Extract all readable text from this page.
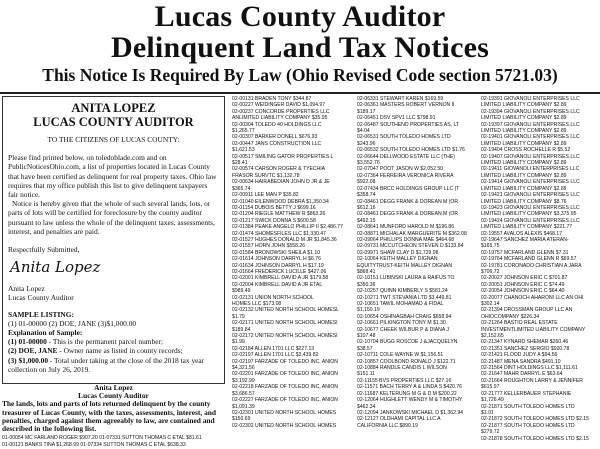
Lucas County Auditor
Delinquent Land Tax Notices
This Notice Is Required By Law (Ohio Revised Code section 5721.03)
ANITA LOPEZ
LUCAS COUNTY AUDITOR
TO THE CITIZENS OF LUCAS COUNTY:
Please find printed below, on toledoblade.com and on PublicNoticesOhio.com, a list of properties located in Lucas County that have been certified as delinquent for real property taxes. Ohio law requires that my office publish this list to give delinquent taxpayers fair notice.
Notice is hereby given that the whole of such several lands, lots, or parts of lots will be certified for foreclosure by the county auditor pursuant to law unless the whole of the delinquent taxes, assessments, interest, and penalties are paid.
Respectfully Submitted,
Anita Lopez
Anita Lopez
Lucas County Auditor
SAMPLE LISTING:
(1) 01-00000 (2) DOE, JANE (3)$1,000.00
Explanation of Sample:
(1) 01-00000 - This is the permanent parcel number;
(2) DOE, JANE - Owner name as listed in county records;
(3) $1,000.00 - Total under taking at the close of the 2018 tax year collection on July 26, 2019.
Anita Lopez
Lucas County Auditor
The lands, lots and parts of lots returned delinquent by the county treasurer of Lucas County, with the taxes, assessments, interest, and penalties, charged against them agreeably to law, are contained and described in the following list.
01-00054 MC FARLAND ROGER $907.20 01-07331 SUTTON THOMAS C ETAL $81.61
01-00121 BANKS TINA $1,268.99 01-07334 SUTTON THOMAS C ETAL $638.33
02-00131 BRADEN TONY $344.87
02-00227 WEIDINGER DAVID $1,094.97
02-00237 CONCORDE PROPERTIES LLC
ANLIMITED LIABILITY COMPANY $35.95
02-00304 TOLEDO 40 HOLDINGS LLC
$1,265.77
02-00307 BARKER DONELL $676.93
02-00447 JANS CONSTRUCTION LLC
$1,621.53
02-00517 SMILING GATOR PROPERTIES L
$28.41
02-00574 CARSON ROGER & TYECHIA
FRASOR SURVTC $1,132.78
02-00634 HAIRABEDIAN JOHN D JR & JE
$365.74
02-00911 LEE MAN P $35.82
02-01040 EILENWOOD DEBRA $1,350.34
02-01154 DUBOIS BETTY J $699.16
02-01204 RIEGLE MATTHEW R $863.26
02-01217 SWICK DONNA S $600.58
02-01384 PEAKE ANGELO PHILLIP II $2,486.77
02-01474 SHOMESFILES LLC $1,330.47
02-01527 HUGHES DONALD M JR $1,845.36
02-01557 HORN JOHN $558.26
02-01584 BRONOWSKI SHEILA $1.10
02-01614 JOHNSON DARRYL H $6.76
02-01634 JOHNSON DARRYL H $17.19
02-01664 FREDERICK LUCILLE $427.06
02-02001 KIMBRELL DAVID A JR $179.58
02-02004 KIMBRELL DAVID A JR ETAL
$989.49
02-02131 UNION NORTH SCHOOL
HOMES LLC $173.08
02-02132 UNITED NORTH SCHOOL HOMESL
$1.79
02-02171 UNITED NORTH SCHOOL HOMESI
$189.84
02-02172 UNITED NORTH SCHOOL HOMESI
$1.99
02-02184 ALLEN 1701 LLC $227.13
02-02197 ALLEN 1701 LLC $3,439.82
02-02197 FARZADE OF TOLEDO INC, ANION
$4,321.56
02-02201 FARZADE OF TOLEDO INC, ANION
$3,192.99
02-02218 FARZADE OF TOLEDO INC, ANION
$3,686.57
02-02227 FARZADE OF TOLEDO INC, ANION
$1,091.39
02-02301 UNITED NORTH SCHOOL HOMES
$150.69
02-02302 UNITED NORTH SCHOOL HOMES
02-06331 STEWART KAREN $169.59
02-06361 MASTERS ROBERT VERNON II
$189.17
02-06451 DSV SPV1 LLC $798.91
02-06487 SOUTHEND PROPERTIES AS, LT
$4.04
02-06531 SOUTH TOLEDO HOMES LTD
$243.96
02-06532 SOUTH TOLEDO HOMES LTD $1.76
02-06644 DELLWOOD ESTATE LLC (THE)
$3,552.76
02-07047 POOT JASON W $2,052.50
02-07364 FERREIRA VERONICA RIVERA
$922.08
02-07434 BRCC HOLDINGS GROUP LLC (T
$358.74
02-08461 DEGG FRANK & DOREAN M (OR
$612.16
02-08461 DEGG FRANK & DOREAN M (OR
$492.15
02-08641 MUNFORD HAROLD M $196.86
02-08871 MICHALAK MARGUERITE M $362.08
02-09064 PHILLIPS DONNA MAE $464.68
02-09731 MCCUTCHEON STEVEN D $133.84
02-09971 SHAW CLAY D $1,729.98
02-10064 KEITH MALLEY DIGNAN
EQUITYTRUST-KEITH MALLEY DIGNAN
$868.41
02-10151 LUBINSKI LAURA & RAIFUS TO
$350.36
02-10257 QUINN KIMBERLY S $581.24
02-10271 TWT STEVANIA LTD $3,449.81
02-10651 TAWIL MOHAMAD & FIDAL
$1,150.19
02-10654 OSHINAGBAH CRAIG $658.94
02-10661 PILKINGTON TONY M $1.30
02-10677 CHEEK WILBUR P & DIANA J
$107.48
02-10704 BUGG ROSCOE J &JACQUELYN
$38.57
02-10711 COLE WAYNE W $1,156.51
02-10857 COOLBOND RONALD J $122.71
02-10884 RANDLE CANDIS L WILSON
$151.11
02-11155 BVS PROPERTIES LLC $27.16
02-11571 BACH TERRY A & LINDA S $420.76
02-11687 KELTERUNG M G & D M $200.22
02-12064 HUGHLETT WENDY M & TIMOTHY
$462.34
02-12094 JANKOWSKI MICHAEL D $1,362.94
02-12127 OLDHAMI CAPITAL LLC A
CALIFORNIA LLC $890.19
02-19391 GIOVANOLI ENTERPRISES LLC
LIMITED LIABILITY COMPANY $2.89
02-19394 GIOVANOLI ENTERPRISES LLC
LIMITED LIABILITY COMPANY $2.89
02-19397 GIOVANOLI ENTERPRISES LLC
LIMITED LIABILITY COMPANY $2.89
02-19401 GIOVANOLI ENTERPRISES LLC
LIMITED LIABILITY COMPANY $2.89
02-19404 CROSS ROCHELLE R $5.52
02-19407 GIOVANOLI ENTERPRISES LLC
LIMITED LIABILITY COMPANY $2.89
02-19411 GIOVANOLI ENTERPRISES LLC
LIMITED LIABILITY COMPANY $2.89
02-19414 GIOVANOLI ENTERPRISES LLC
LIMITED LIABILITY COMPANY $2.89
02-19421 GIOVANOLI ENTERPRISES LLC
LIMITED LIABILITY COMPANY $8.76
02-19423 GIOVANOLI ENTERPRISES LLC
LIMITED LIABILITY COMPANY $3,375.95
02-19424 GIOVANOLI ENTERPRISES LLC
LIMITED LIABILITY COMPANY $221.77
02-19557 AVALOS ALEXIS $468.17
02-19647 SANCHEZ MARIA ATERAN-
$165.75
02-19757 MCFARLAND GLENN $7.31
02-19764 MCFARLAND GLENN R $69.57
02-19781 CORONADO CHRISTIAN A JARA
$706.72
02-20027 JOHNSON ERIC C $701.87
02-20051 JOHNSON ERIC C $74.49
02-20054 JOHNSON ERIC C $64.40
02-20077 CHANOCH AHARONI LLC AN OHI
$302.14
02-21394 DROSSMAN GROUP LLC AN
OHIOCOMPANY $226.34
02-21264 BASTIO REAL ESTATE
INVESTMENTLIMITED LIABILITY COMPANY
$2,152.65
02-21347 KYNARD SHEMAR $260.46
02-21351 SANCHEZ SERGIO $920.78
02-21421 FLOOD JUDY A $94.56
02-21487 MENA SANDRA $491.10
02-21564 DINT HOLDINGS LLC $1,111.61
02-21647 MAHR DARRYL E $63.64
02-21664 ROUGHTON LARRY & JENNIFER
$615.97
02-21777 KELLERBAUER STEPHANIE
$1,726.49
02-21871 SOUTH TOLEDO HOMES LTD
$1.91
02-21872 SOUTH TOLEDO HOMES LTD $2.15
02-21877 SOUTH TOLEDO HOMES LTD
$279.72
02-21878 SOUTH TOLEDO HOMES LTD $2.15
